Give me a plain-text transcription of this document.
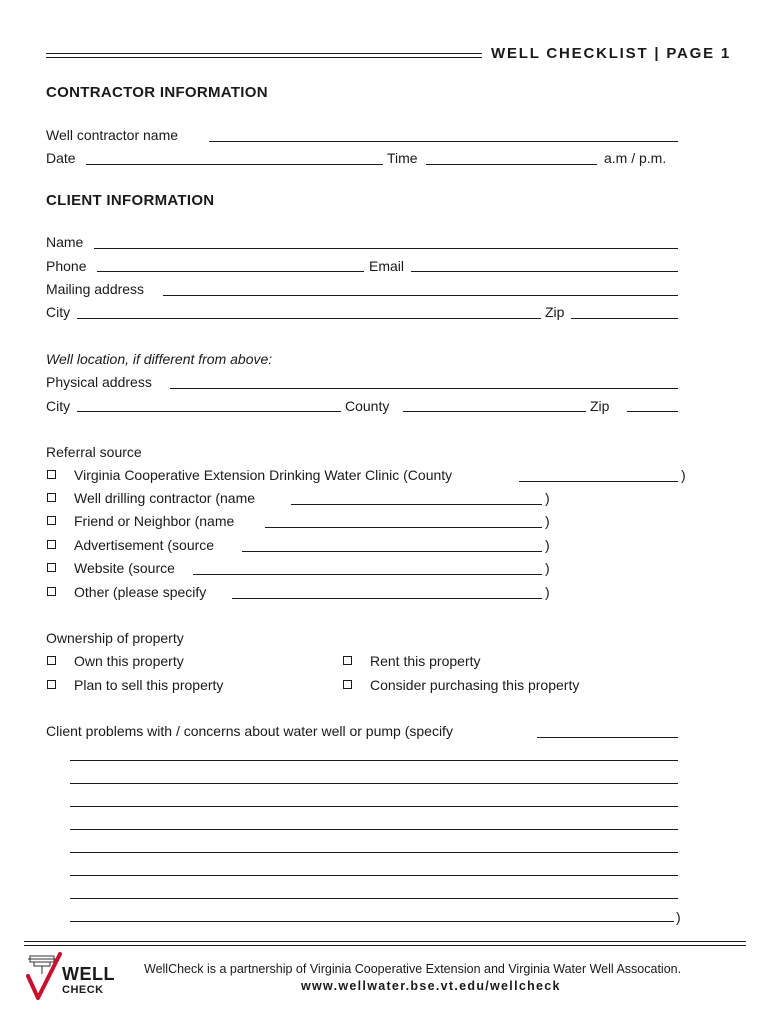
WELL CHECKLIST | PAGE 1
CONTRACTOR INFORMATION
Well contractor name
Date	Time	a.m / p.m.
CLIENT INFORMATION
Name
Phone	Email
Mailing address
City	Zip
Well location, if different from above:
Physical address
City	County	Zip
Referral source
Virginia Cooperative Extension Drinking Water Clinic (County	)
Well drilling contractor (name	)
Friend or Neighbor (name	)
Advertisement (source	)
Website (source	)
Other (please specify	)
Ownership of property
Own this property	Rent this property
Plan to sell this property	Consider purchasing this property
Client problems with / concerns about water well or pump (specify
)
WELL
CHECK
WellCheck is a partnership of Virginia Cooperative Extension and Virginia Water Well Assocation.
www.wellwater.bse.vt.edu/wellcheck
